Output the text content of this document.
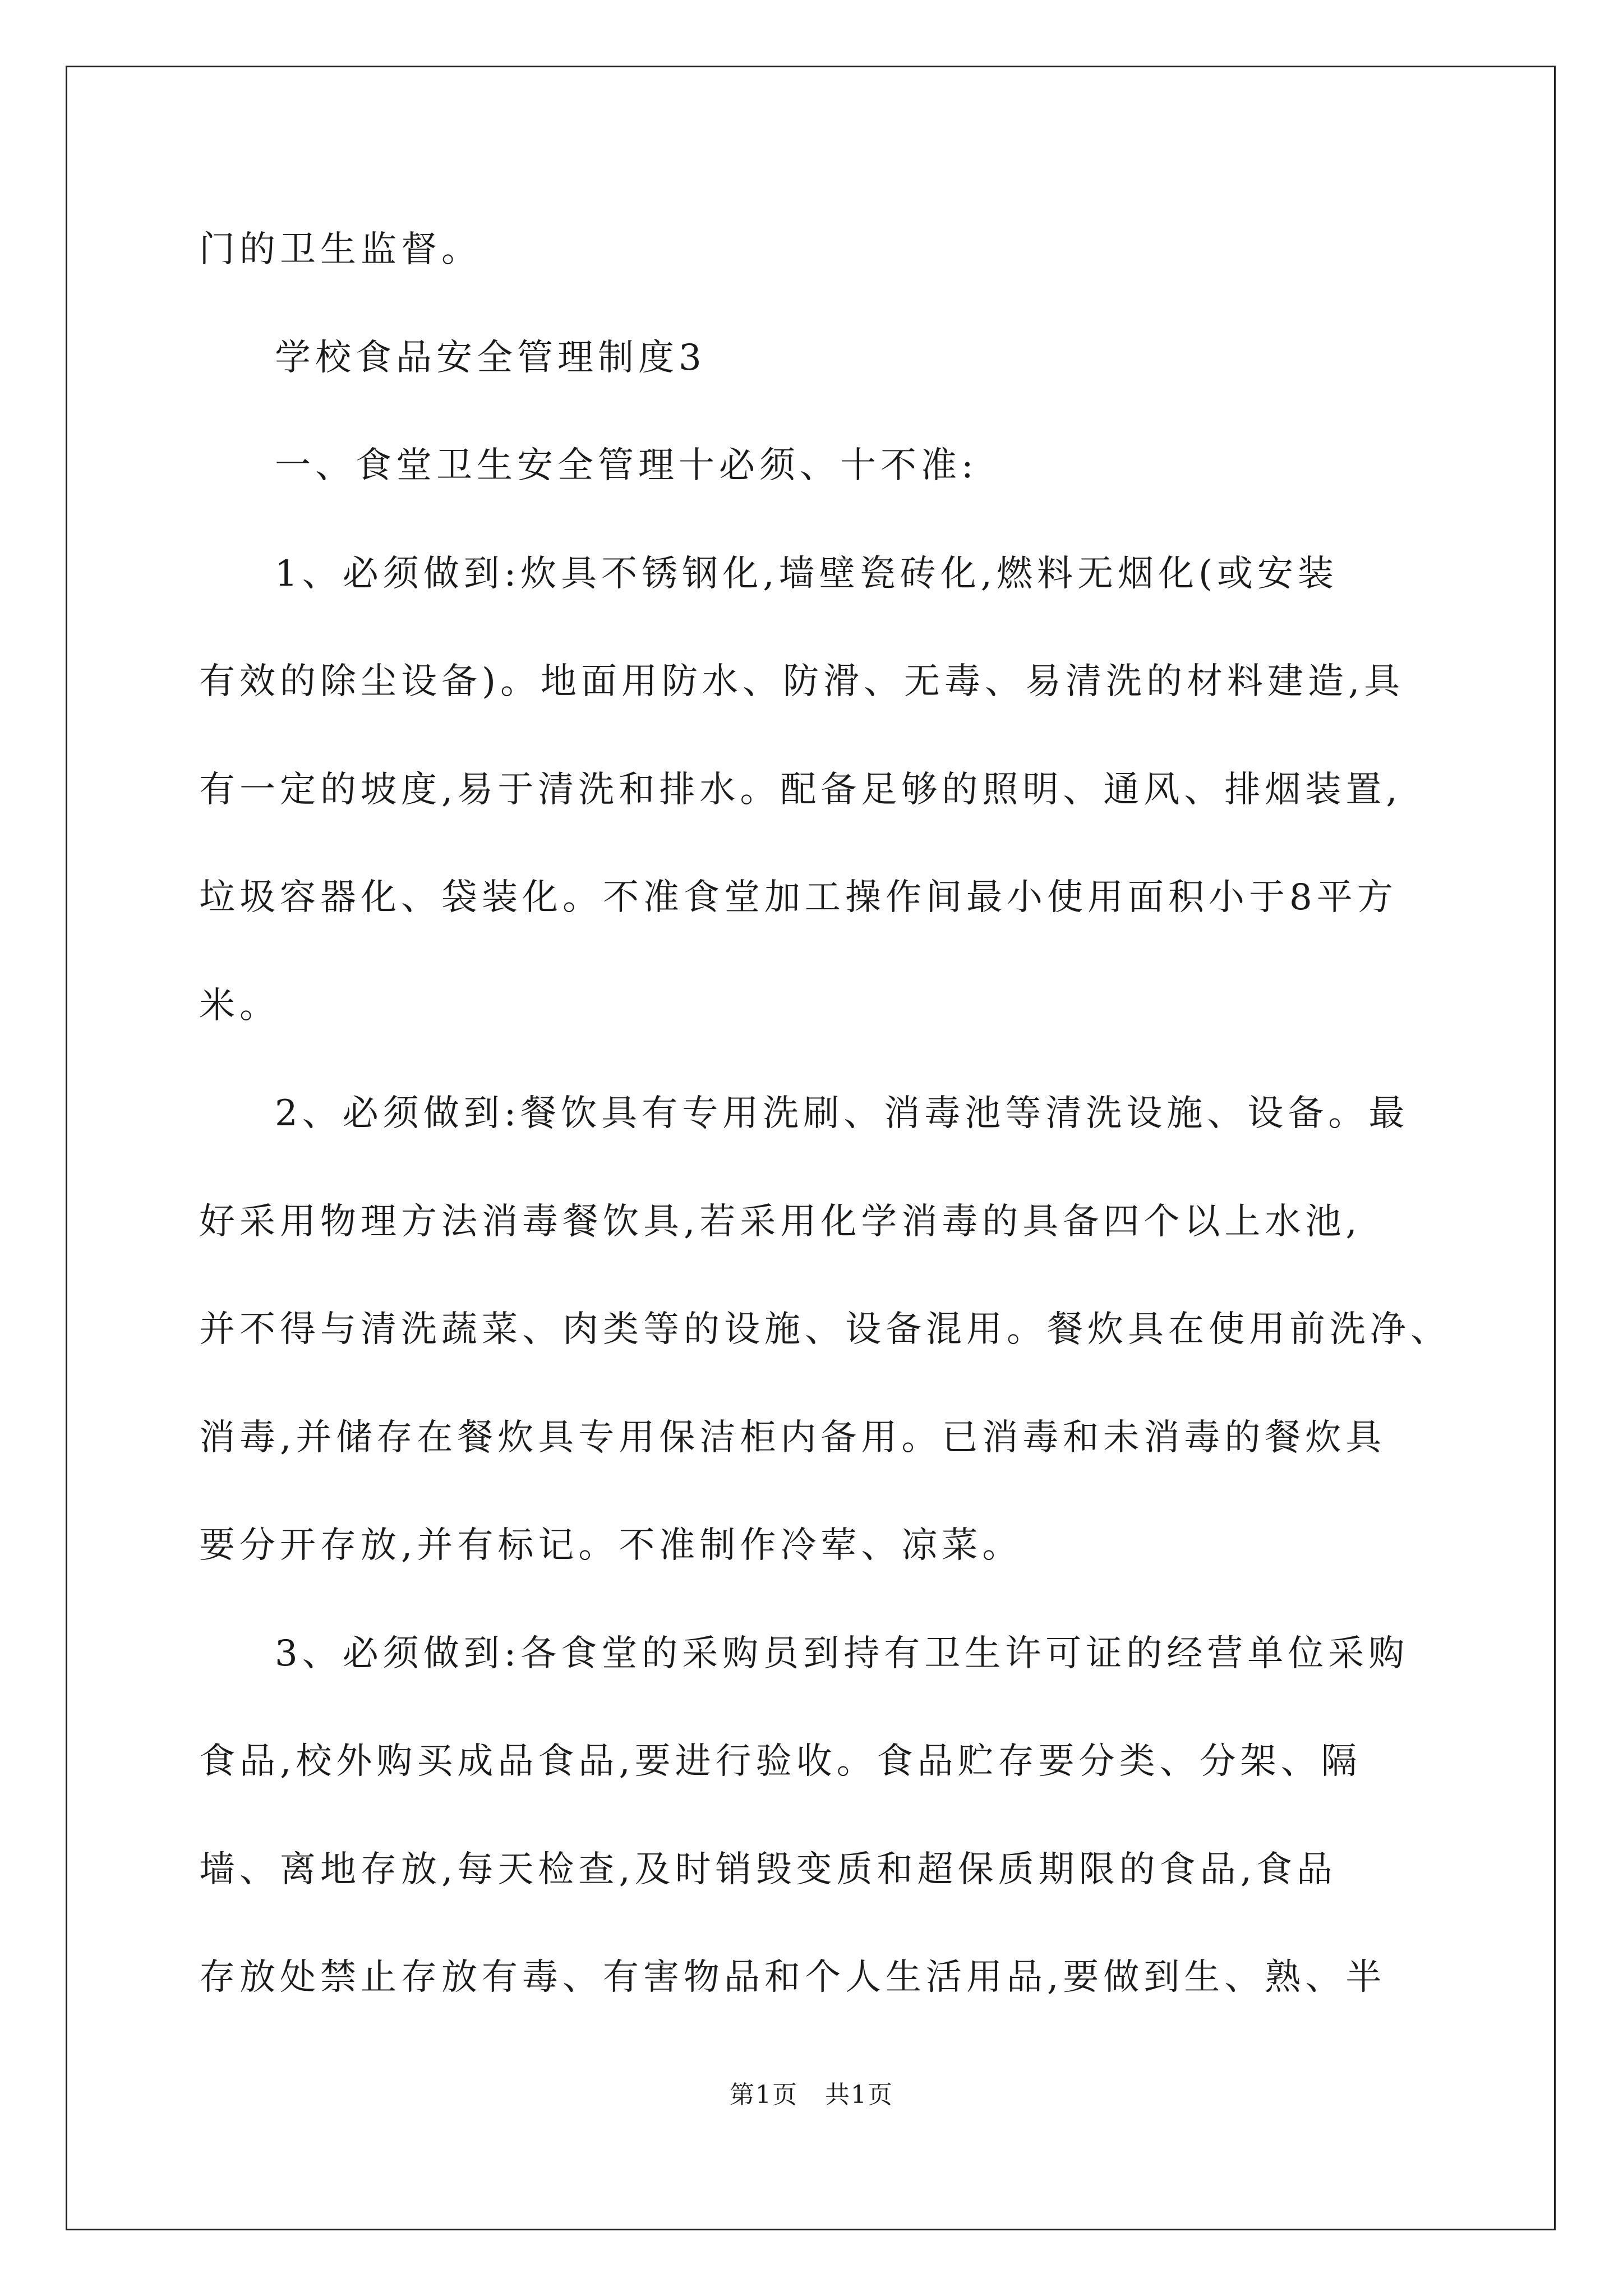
门的卫生监督。
学校食品安全管理制度3
一、食堂卫生安全管理十必须、十不准:
1、必须做到:炊具不锈钢化,墙壁瓷砖化,燃料无烟化(或安装
有效的除尘设备)。地面用防水、防滑、无毒、易清洗的材料建造,具
有一定的坡度,易于清洗和排水。配备足够的照明、通风、排烟装置,
垃圾容器化、袋装化。不准食堂加工操作间最小使用面积小于8平方
米。
2、必须做到:餐饮具有专用洗刷、消毒池等清洗设施、设备。最
好采用物理方法消毒餐饮具,若采用化学消毒的具备四个以上水池,
并不得与清洗蔬菜、肉类等的设施、设备混用。餐炊具在使用前洗净、
消毒,并储存在餐炊具专用保洁柜内备用。已消毒和未消毒的餐炊具
要分开存放,并有标记。不准制作冷荤、凉菜。
3、必须做到:各食堂的采购员到持有卫生许可证的经营单位采购
食品,校外购买成品食品,要进行验收。食品贮存要分类、分架、隔
墙、离地存放,每天检查,及时销毁变质和超保质期限的食品,食品
存放处禁止存放有毒、有害物品和个人生活用品,要做到生、熟、半
第1页   共1页
